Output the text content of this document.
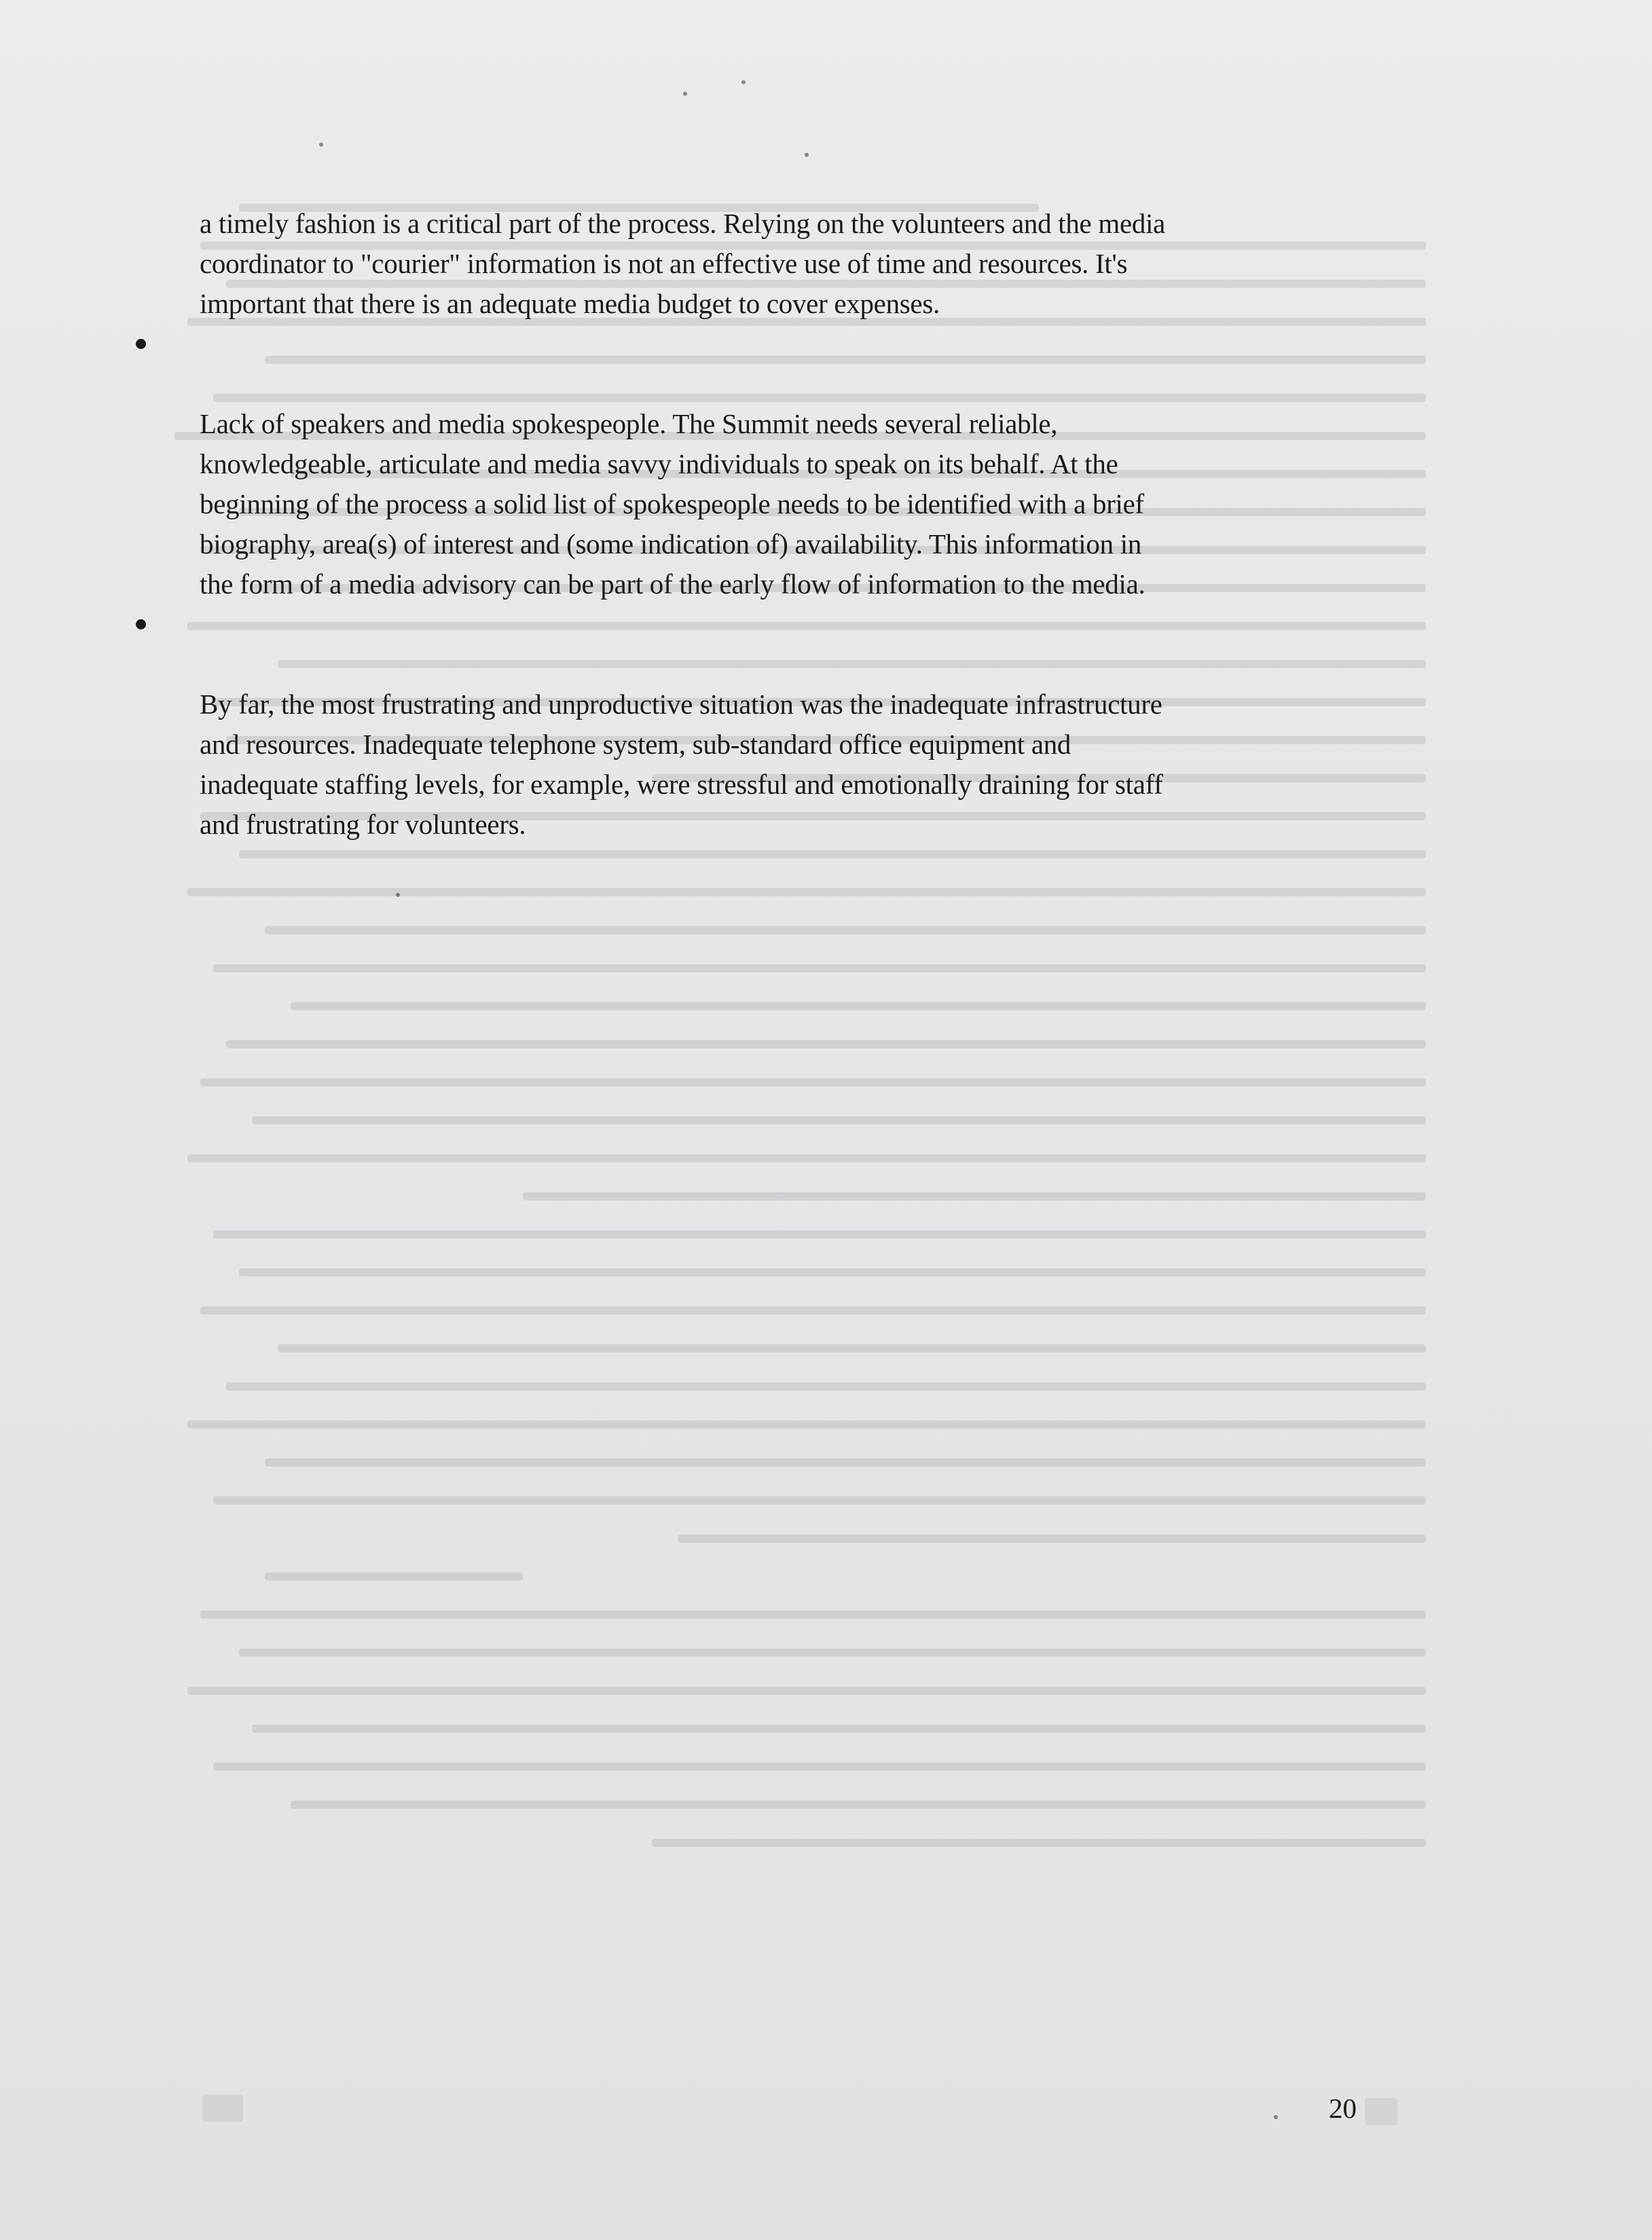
a timely fashion is a critical part of the process. Relying on the volunteers and the media
coordinator to "courier" information is not an effective use of time and resources. It's
important that there is an adequate media budget to cover expenses.

Lack of speakers and media spokespeople. The Summit needs several reliable,
knowledgeable, articulate and media savvy individuals to speak on its behalf. At the
beginning of the process a solid list of spokespeople needs to be identified with a brief
biography, area(s) of interest and (some indication of) availability. This information in
the form of a media advisory can be part of the early flow of information to the media.

By far, the most frustrating and unproductive situation was the inadequate infrastructure
and resources. Inadequate telephone system, sub-standard office equipment and
inadequate staffing levels, for example, were stressful and emotionally draining for staff
and frustrating for volunteers.

20
